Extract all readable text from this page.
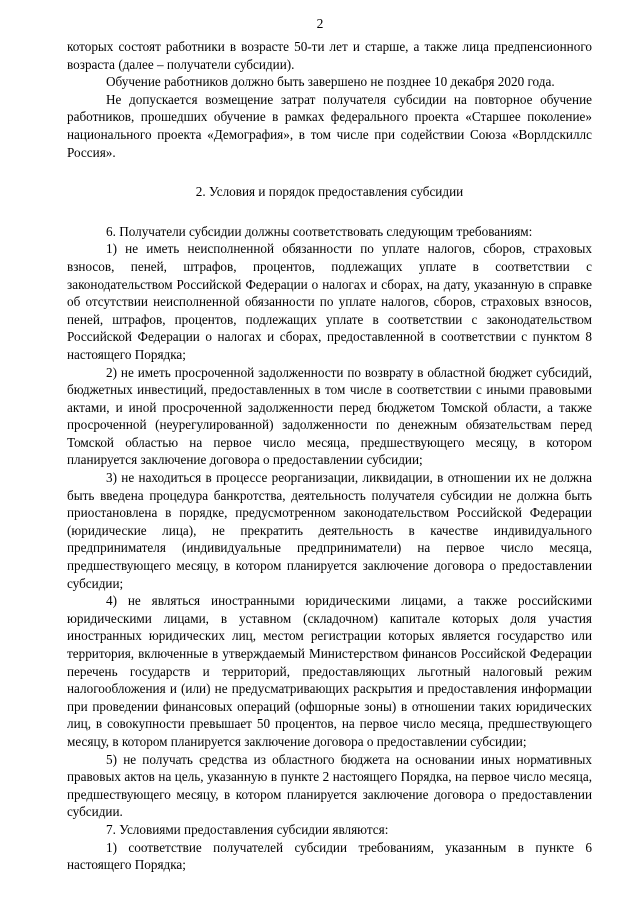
2

которых состоят работники в возрасте 50-ти лет и старше, а также лица предпенсионного возраста (далее – получатели субсидии).

Обучение работников должно быть завершено не позднее 10 декабря 2020 года.

Не допускается возмещение затрат получателя субсидии на повторное обучение работников, прошедших обучение в рамках федерального проекта «Старшее поколение» национального проекта «Демография», в том числе при содействии Союза «Ворлдскиллс Россия».

2. Условия и порядок предоставления субсидии

6. Получатели субсидии должны соответствовать следующим требованиям:

1) не иметь неисполненной обязанности по уплате налогов, сборов, страховых взносов, пеней, штрафов, процентов, подлежащих уплате в соответствии с законодательством Российской Федерации о налогах и сборах, на дату, указанную в справке об отсутствии неисполненной обязанности по уплате налогов, сборов, страховых взносов, пеней, штрафов, процентов, подлежащих уплате в соответствии с законодательством Российской Федерации о налогах и сборах, предоставленной в соответствии с пунктом 8 настоящего Порядка;

2) не иметь просроченной задолженности по возврату в областной бюджет субсидий, бюджетных инвестиций, предоставленных в том числе в соответствии с иными правовыми актами, и иной просроченной задолженности перед бюджетом Томской области, а также просроченной (неурегулированной) задолженности по денежным обязательствам перед Томской областью на первое число месяца, предшествующего месяцу, в котором планируется заключение договора о предоставлении субсидии;

3) не находиться в процессе реорганизации, ликвидации, в отношении их не должна быть введена процедура банкротства, деятельность получателя субсидии не должна быть приостановлена в порядке, предусмотренном законодательством Российской Федерации (юридические лица), не прекратить деятельность в качестве индивидуального предпринимателя (индивидуальные предприниматели) на первое число месяца, предшествующего месяцу, в котором планируется заключение договора о предоставлении субсидии;

4) не являться иностранными юридическими лицами, а также российскими юридическими лицами, в уставном (складочном) капитале которых доля участия иностранных юридических лиц, местом регистрации которых является государство или территория, включенные в утверждаемый Министерством финансов Российской Федерации перечень государств и территорий, предоставляющих льготный налоговый режим налогообложения и (или) не предусматривающих раскрытия и предоставления информации при проведении финансовых операций (офшорные зоны) в отношении таких юридических лиц, в совокупности превышает 50 процентов, на первое число месяца, предшествующего месяцу, в котором планируется заключение договора о предоставлении субсидии;

5) не получать средства из областного бюджета на основании иных нормативных правовых актов на цель, указанную в пункте 2 настоящего Порядка, на первое число месяца, предшествующего месяцу, в котором планируется заключение договора о предоставлении субсидии.

7. Условиями предоставления субсидии являются:

1) соответствие получателей субсидии требованиям, указанным в пункте 6 настоящего Порядка;
